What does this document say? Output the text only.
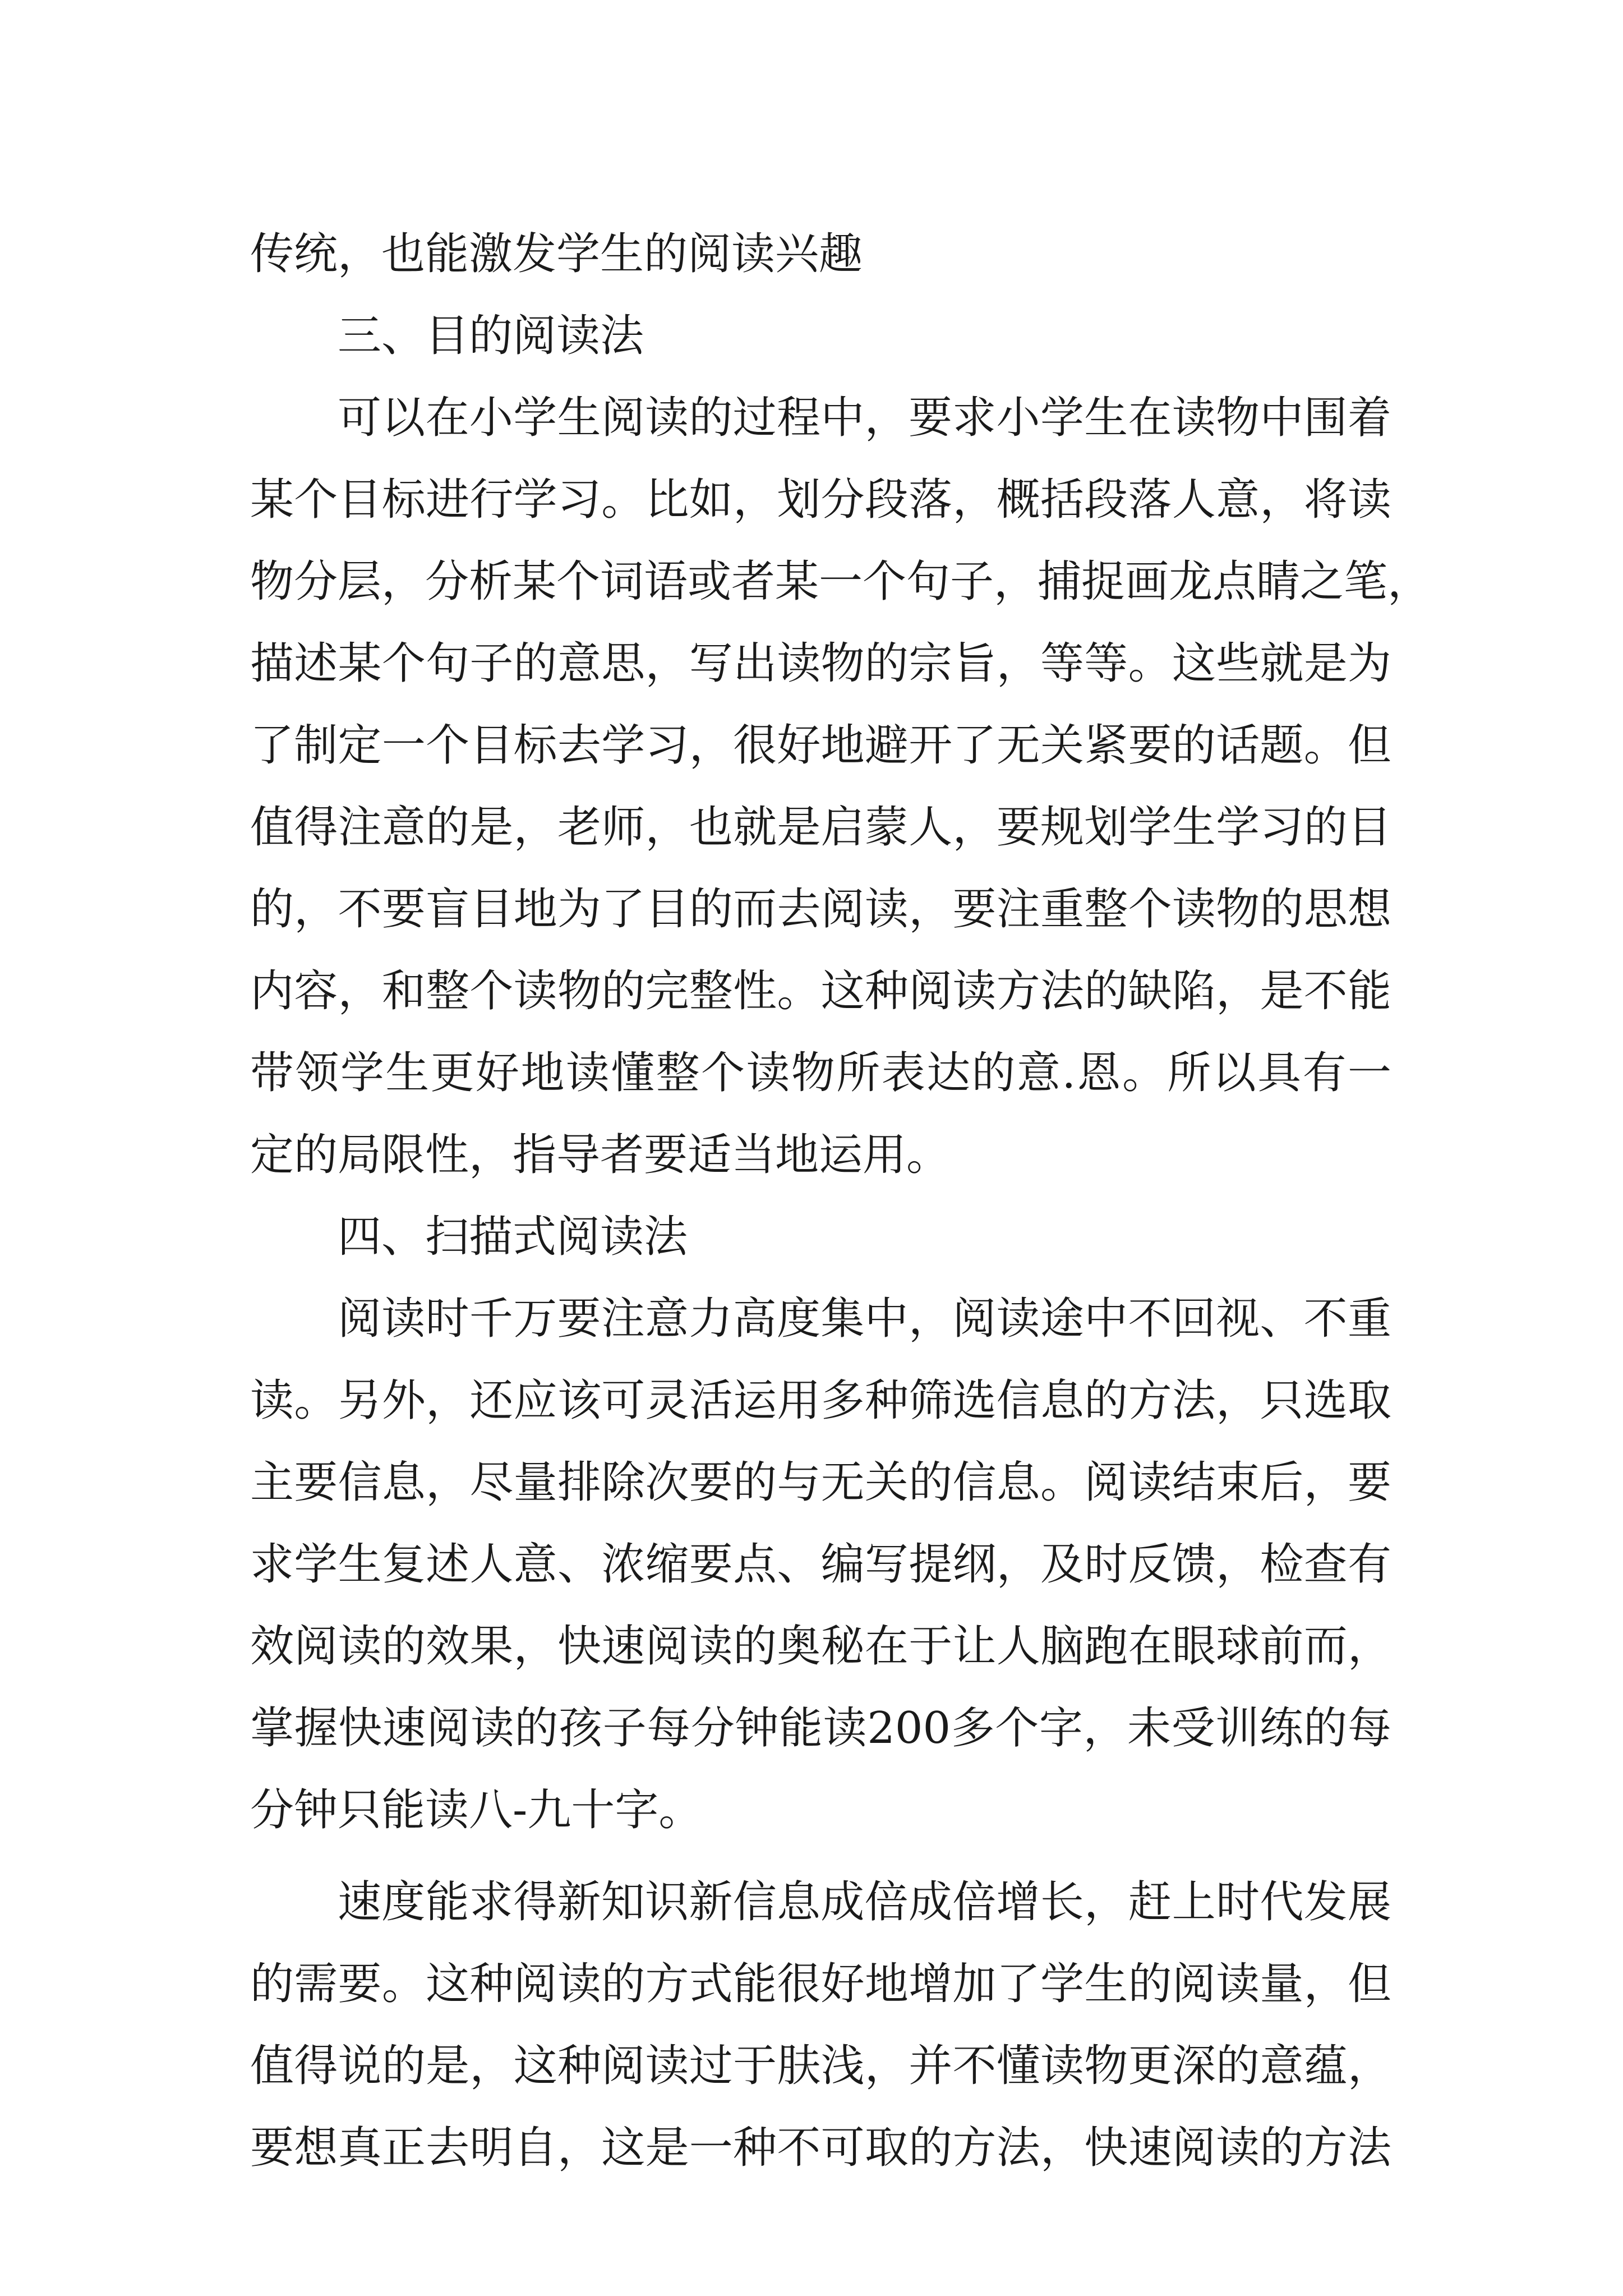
传统，也能激发学生的阅读兴趣
三、目的阅读法
可以在小学生阅读的过程中，要求小学生在读物中围着
某个目标进行学习。比如，划分段落，概括段落人意，将读
物分层，分析某个词语或者某一个句子，捕捉画龙点睛之笔，
描述某个句子的意思，写出读物的宗旨，等等。这些就是为
了制定一个目标去学习，很好地避开了无关紧要的话题。但
值得注意的是，老师，也就是启蒙人，要规划学生学习的目
的，不要盲目地为了目的而去阅读，要注重整个读物的思想
内容，和整个读物的完整性。这种阅读方法的缺陷，是不能
带领学生更好地读懂整个读物所表达的意.恩。所以具有一
定的局限性，指导者要适当地运用。
四、扫描式阅读法
阅读时千万要注意力高度集中，阅读途中不回视、不重
读。另外，还应该可灵活运用多种筛选信息的方法，只选取
主要信息，尽量排除次要的与无关的信息。阅读结束后，要
求学生复述人意、浓缩要点、编写提纲，及时反馈，检查有
效阅读的效果，快速阅读的奥秘在于让人脑跑在眼球前而，
掌握快速阅读的孩子每分钟能读200多个字，未受训练的每
分钟只能读八-九十字。
速度能求得新知识新信息成倍成倍增长，赶上时代发展
的需要。这种阅读的方式能很好地增加了学生的阅读量，但
值得说的是，这种阅读过于肤浅，并不懂读物更深的意蕴，
要想真正去明自，这是一种不可取的方法，快速阅读的方法
